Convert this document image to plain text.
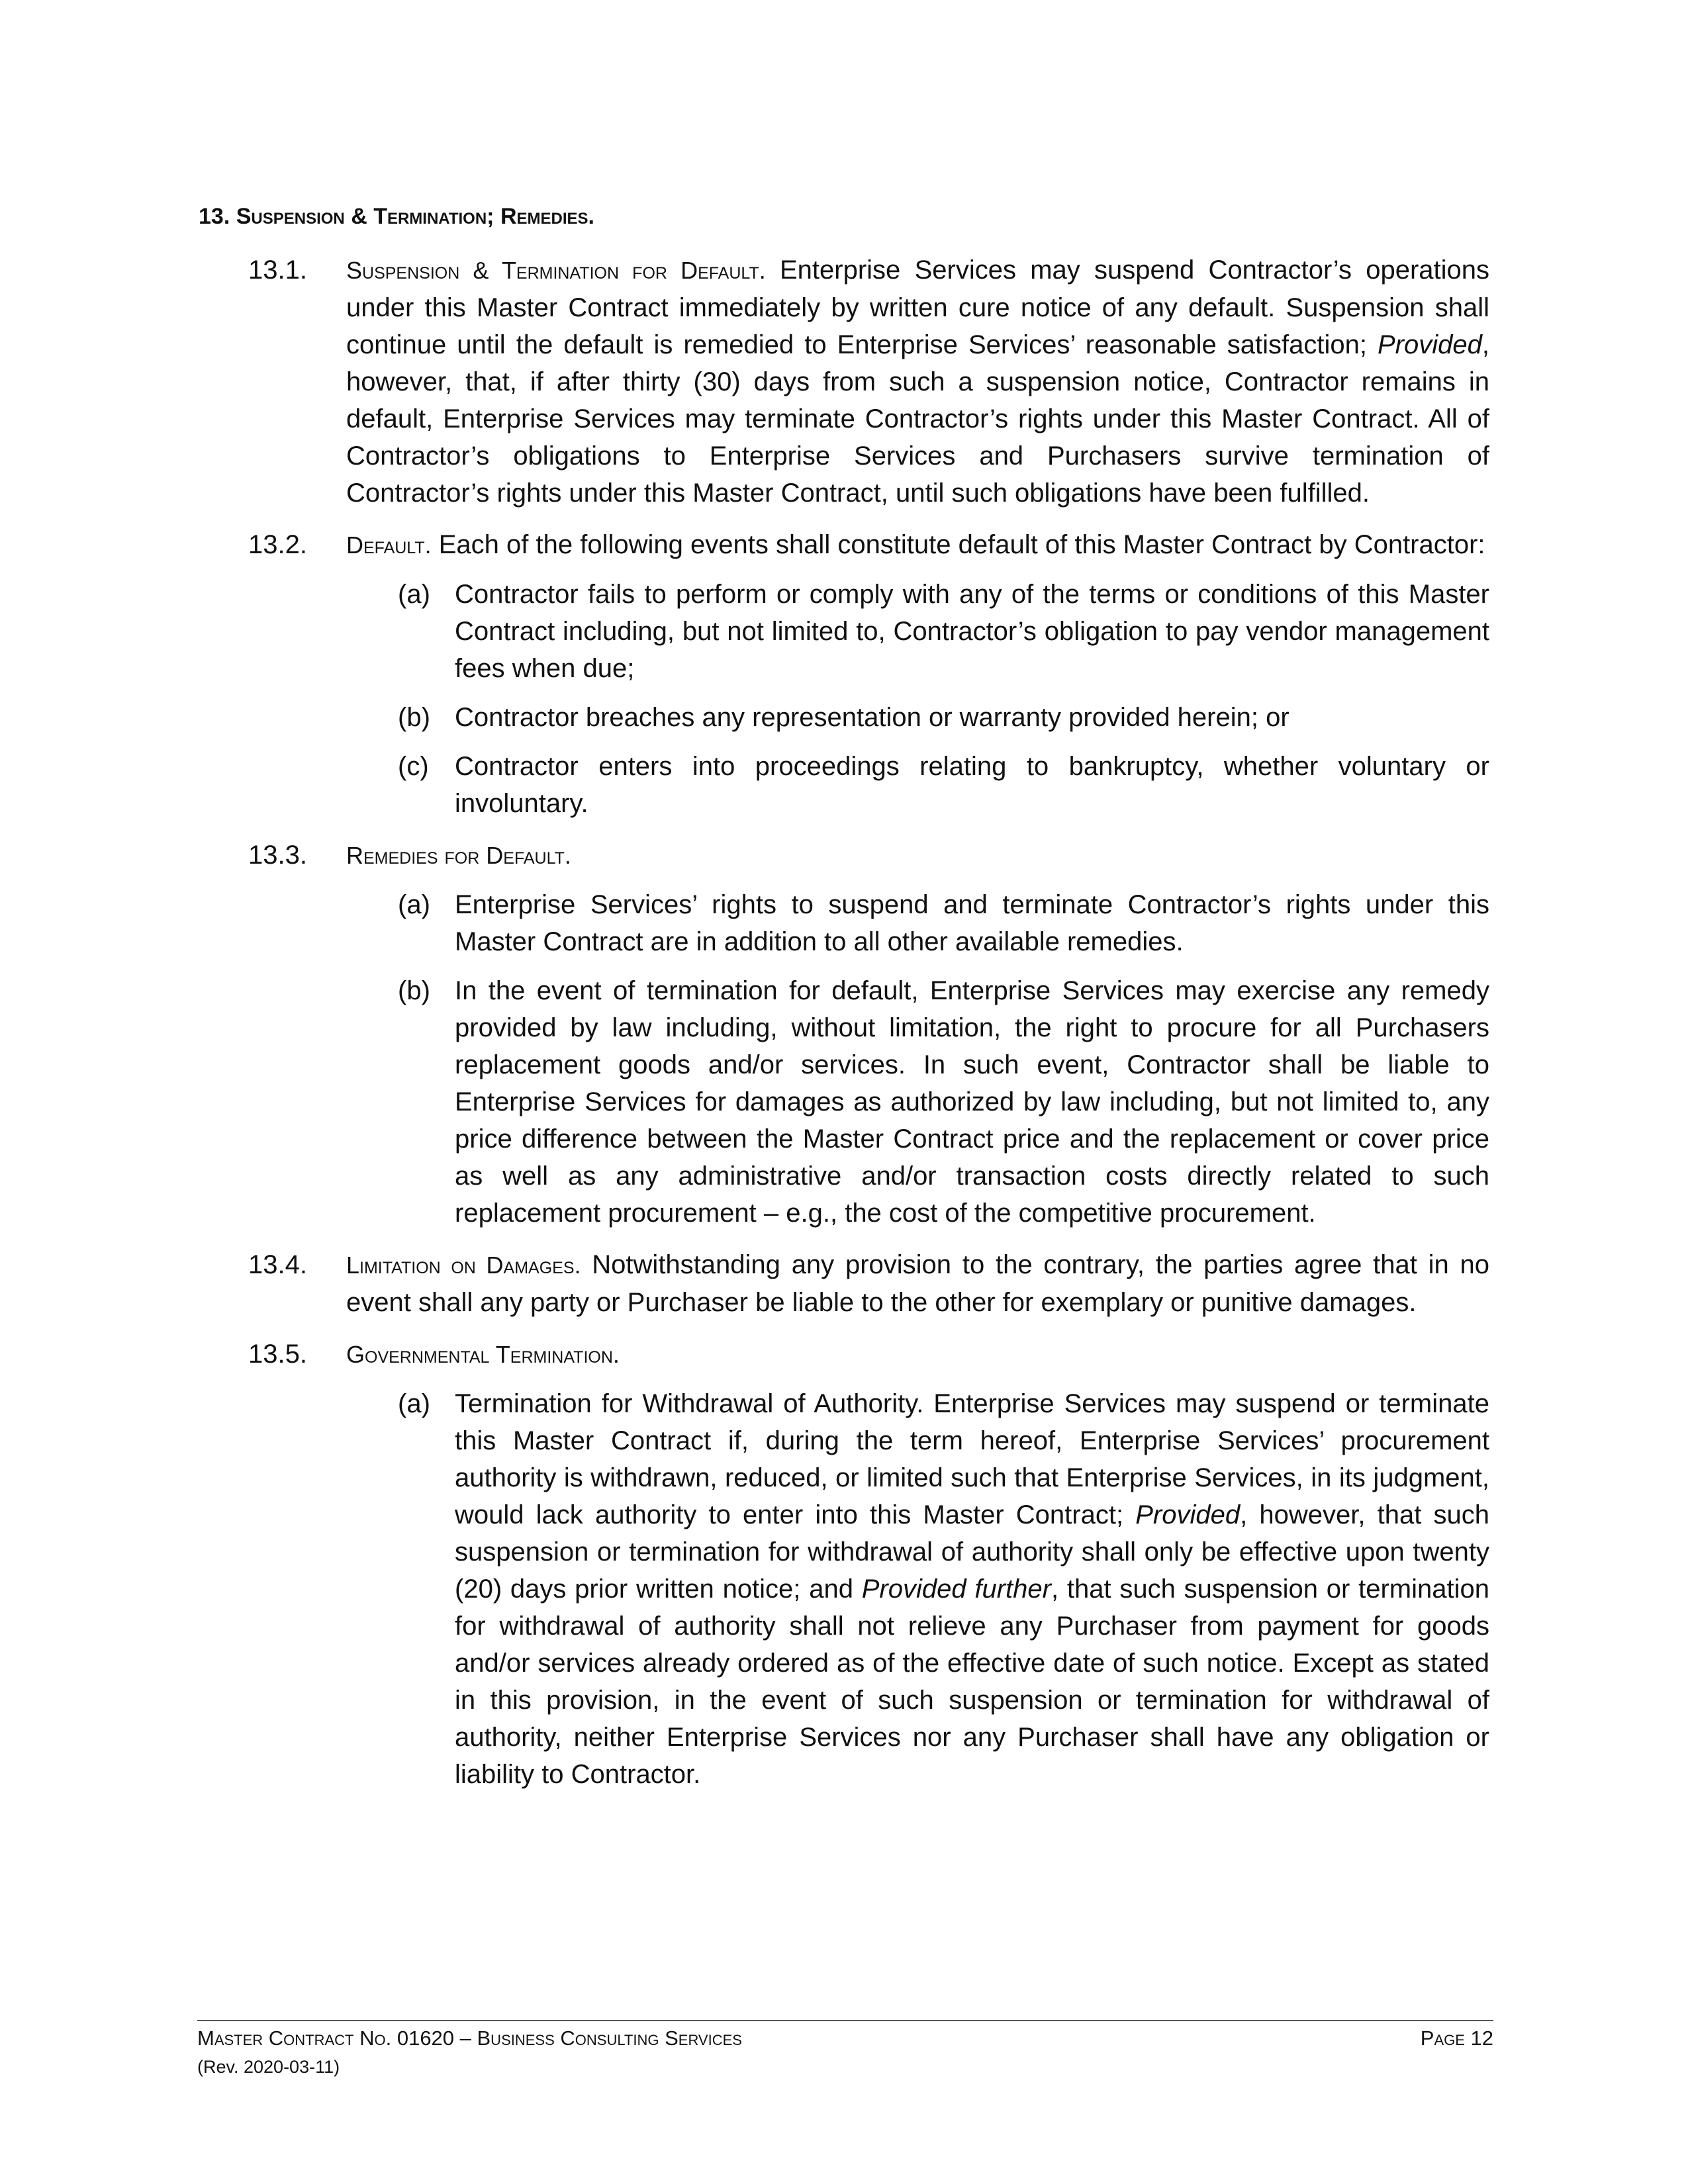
13. Suspension & Termination; Remedies.
13.1.	Suspension & Termination for Default. Enterprise Services may suspend Contractor’s operations under this Master Contract immediately by written cure notice of any default. Suspension shall continue until the default is remedied to Enterprise Services’ reasonable satisfaction; Provided, however, that, if after thirty (30) days from such a suspension notice, Contractor remains in default, Enterprise Services may terminate Contractor’s rights under this Master Contract. All of Contractor’s obligations to Enterprise Services and Purchasers survive termination of Contractor’s rights under this Master Contract, until such obligations have been fulfilled.
13.2.	Default. Each of the following events shall constitute default of this Master Contract by Contractor:
(a) Contractor fails to perform or comply with any of the terms or conditions of this Master Contract including, but not limited to, Contractor’s obligation to pay vendor management fees when due;
(b) Contractor breaches any representation or warranty provided herein; or
(c) Contractor enters into proceedings relating to bankruptcy, whether voluntary or involuntary.
13.3.	Remedies for Default.
(a) Enterprise Services’ rights to suspend and terminate Contractor’s rights under this Master Contract are in addition to all other available remedies.
(b) In the event of termination for default, Enterprise Services may exercise any remedy provided by law including, without limitation, the right to procure for all Purchasers replacement goods and/or services. In such event, Contractor shall be liable to Enterprise Services for damages as authorized by law including, but not limited to, any price difference between the Master Contract price and the replacement or cover price as well as any administrative and/or transaction costs directly related to such replacement procurement – e.g., the cost of the competitive procurement.
13.4.	Limitation on Damages. Notwithstanding any provision to the contrary, the parties agree that in no event shall any party or Purchaser be liable to the other for exemplary or punitive damages.
13.5.	Governmental Termination.
(a) Termination for Withdrawal of Authority. Enterprise Services may suspend or terminate this Master Contract if, during the term hereof, Enterprise Services’ procurement authority is withdrawn, reduced, or limited such that Enterprise Services, in its judgment, would lack authority to enter into this Master Contract; Provided, however, that such suspension or termination for withdrawal of authority shall only be effective upon twenty (20) days prior written notice; and Provided further, that such suspension or termination for withdrawal of authority shall not relieve any Purchaser from payment for goods and/or services already ordered as of the effective date of such notice. Except as stated in this provision, in the event of such suspension or termination for withdrawal of authority, neither Enterprise Services nor any Purchaser shall have any obligation or liability to Contractor.
Master Contract No. 01620 – Business Consulting Services
(Rev. 2020-03-11)
Page 12
